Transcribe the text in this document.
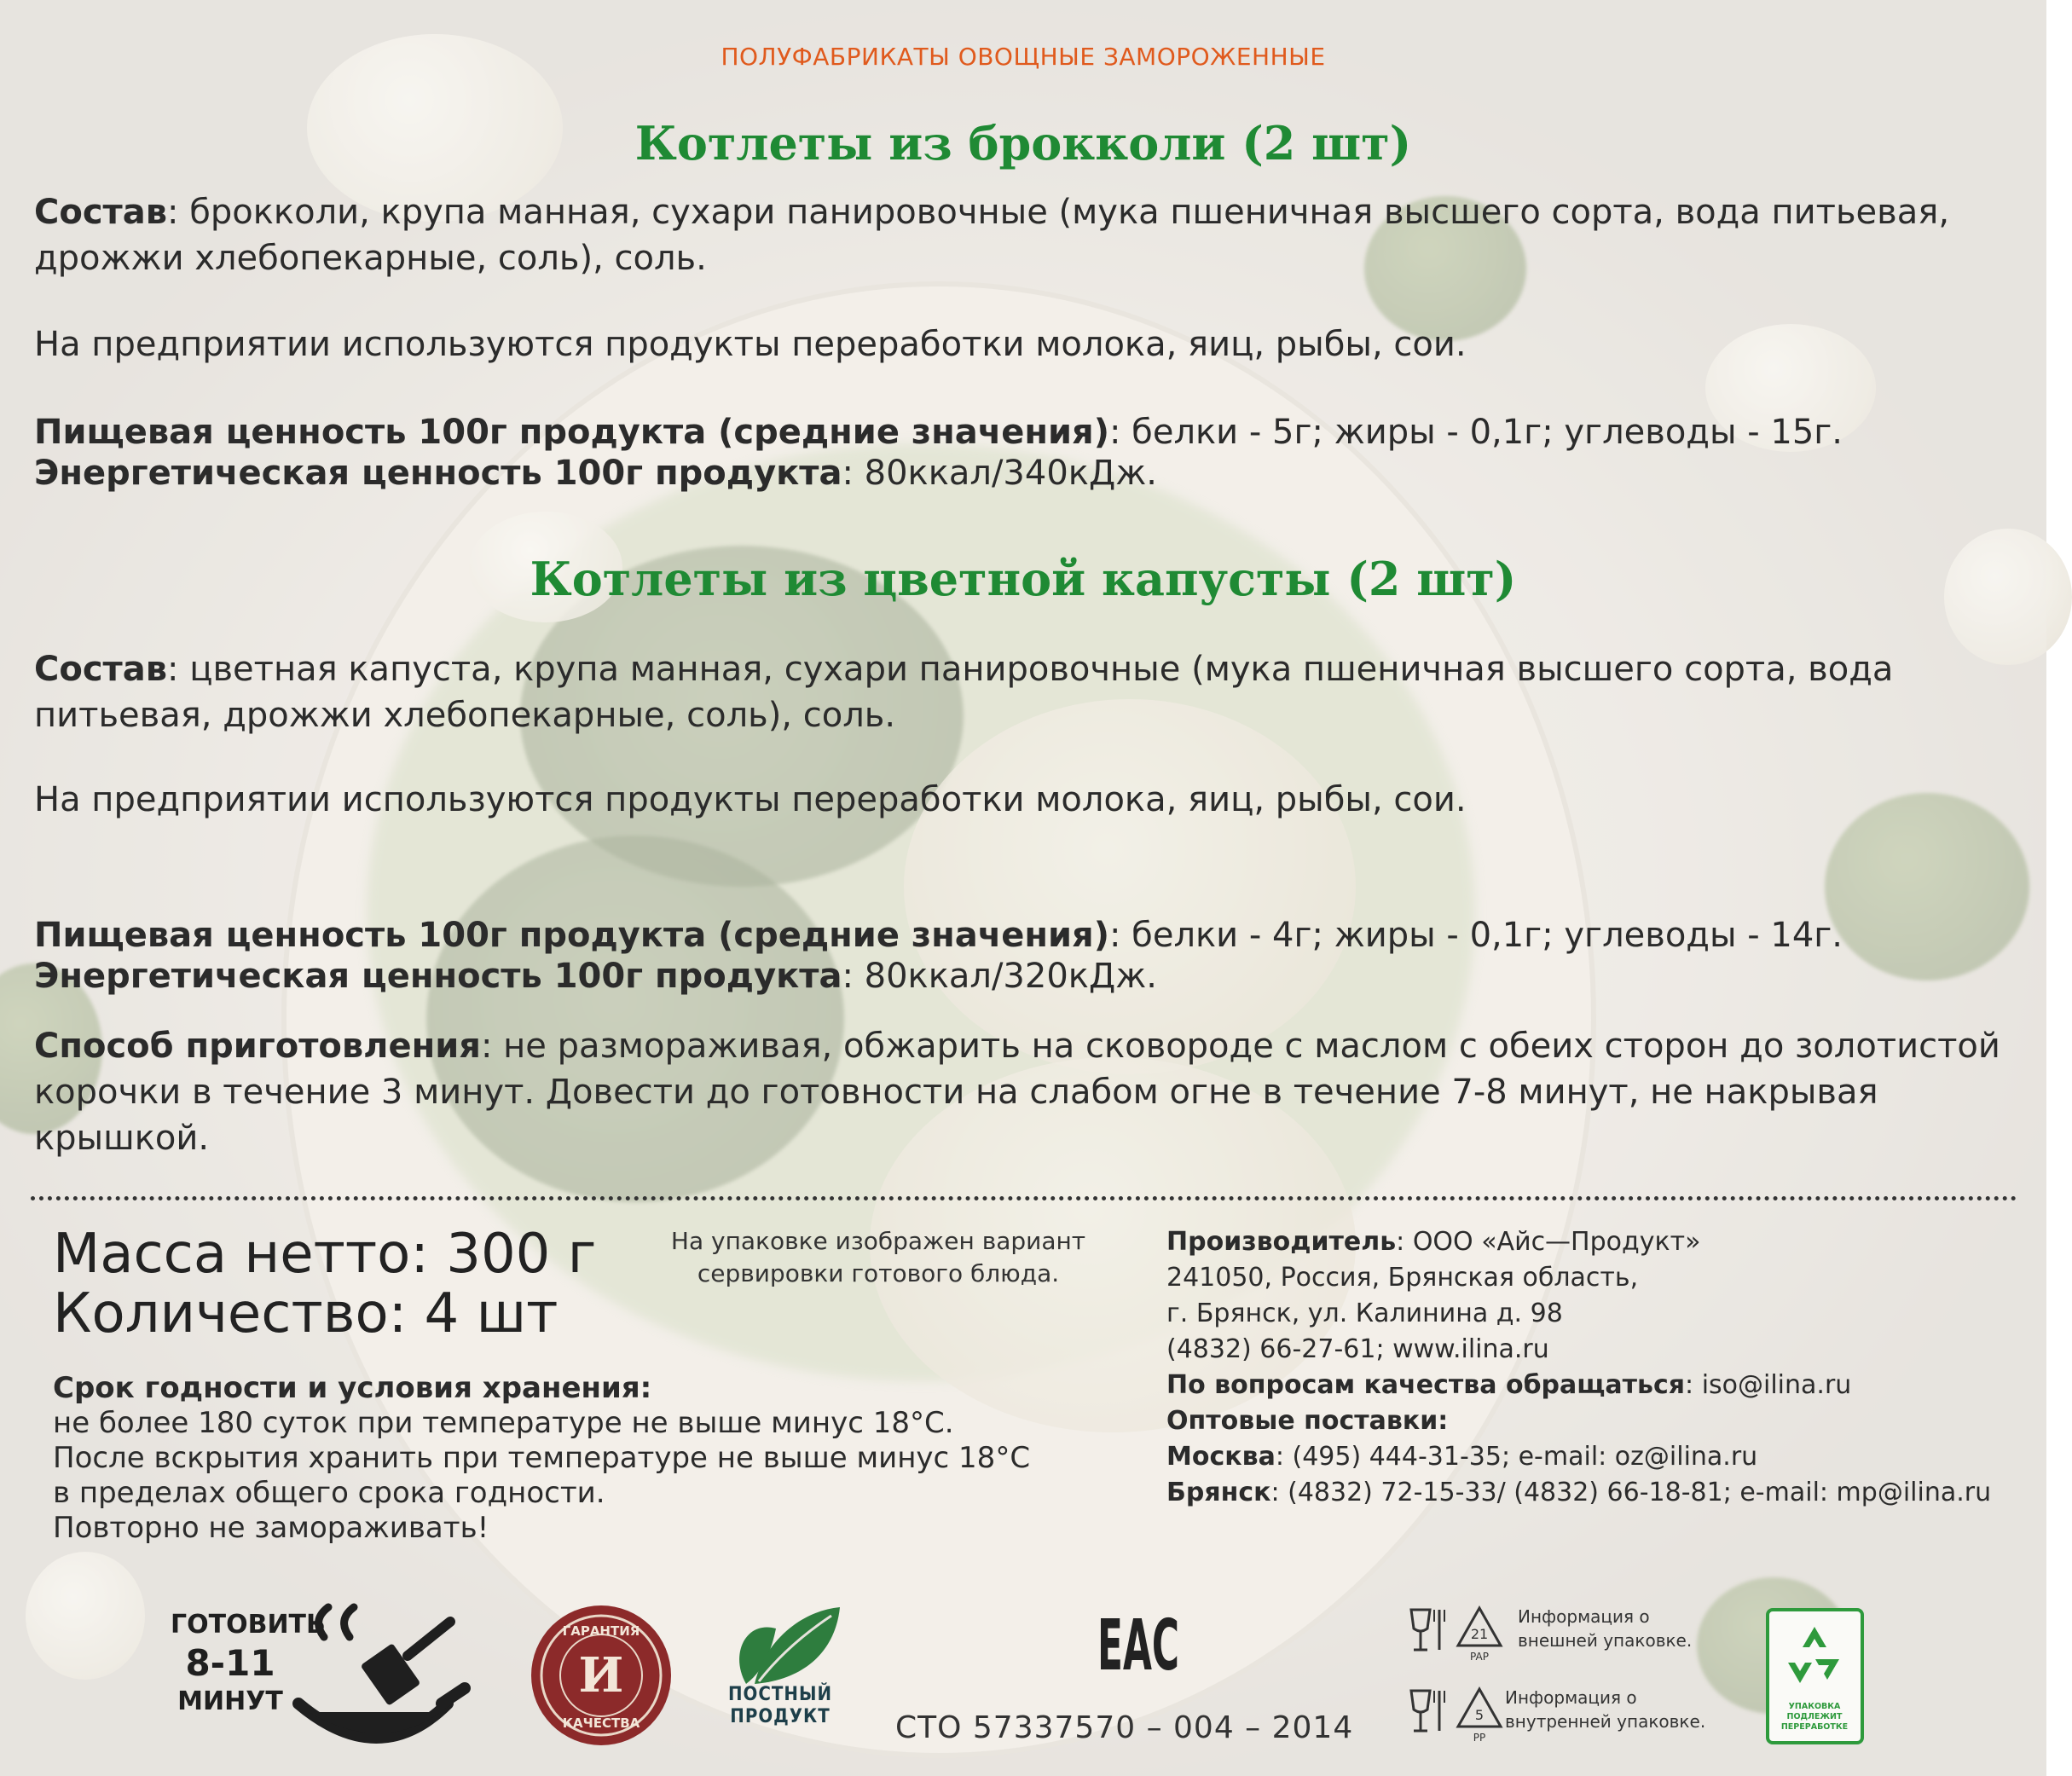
ПОЛУФАБРИКАТЫ ОВОЩНЫЕ ЗАМОРОЖЕННЫЕ

Котлеты из брокколи (2 шт)

Состав: брокколи, крупа манная, сухари панировочные (мука пшеничная высшего сорта, вода питьевая, дрожжи хлебопекарные, соль), соль.

На предприятии используются продукты переработки молока, яиц, рыбы, сои.

Пищевая ценность 100г продукта (средние значения): белки - 5г; жиры - 0,1г; углеводы - 15г.

Энергетическая ценность 100г продукта: 80ккал/340кДж.

Котлеты из цветной капусты (2 шт)

Состав: цветная капуста, крупа манная, сухари панировочные (мука пшеничная высшего сорта, вода питьевая, дрожжи хлебопекарные, соль), соль.

На предприятии используются продукты переработки молока, яиц, рыбы, сои.

Пищевая ценность 100г продукта (средние значения): белки - 4г; жиры - 0,1г; углеводы - 14г.

Энергетическая ценность 100г продукта: 80ккал/320кДж.

Способ приготовления: не размораживая, обжарить на сковороде с маслом с обеих сторон до золотистой корочки в течение 3 минут. Довести до готовности на слабом огне в течение 7-8 минут, не накрывая крышкой.

Масса нетто: 300 г
Количество: 4 шт

На упаковке изображен вариант сервировки готового блюда.

Срок годности и условия хранения:
не более 180 суток при температуре не выше минус 18°С.
После вскрытия хранить при температуре не выше минус 18°С
в пределах общего срока годности.
Повторно не замораживать!
Производитель: ООО «Айс—Продукт»
241050, Россия, Брянская область,
г. Брянск, ул. Калинина д. 98
(4832) 66-27-61; www.ilina.ru
По вопросам качества обращаться: iso@ilina.ru
Оптовые поставки:
Москва: (495) 444-31-35; e-mail: oz@ilina.ru
Брянск: (4832) 72-15-33/ (4832) 66-18-81; e-mail: mp@ilina.ru
ГОТОВИТЬ
8-11
МИНУТ
ГАРАНТИЯ
И
КАЧЕСТВА
ПОСТНЫЙ
ПРОДУКТ
ЕАС
СТО 57337570 – 004 – 2014
21
PAP
Информация о
внешней упаковке.
5
PP
Информация о
внутренней упаковке.
УПАКОВКА
ПОДЛЕЖИТ
ПЕРЕРАБОТКЕ
